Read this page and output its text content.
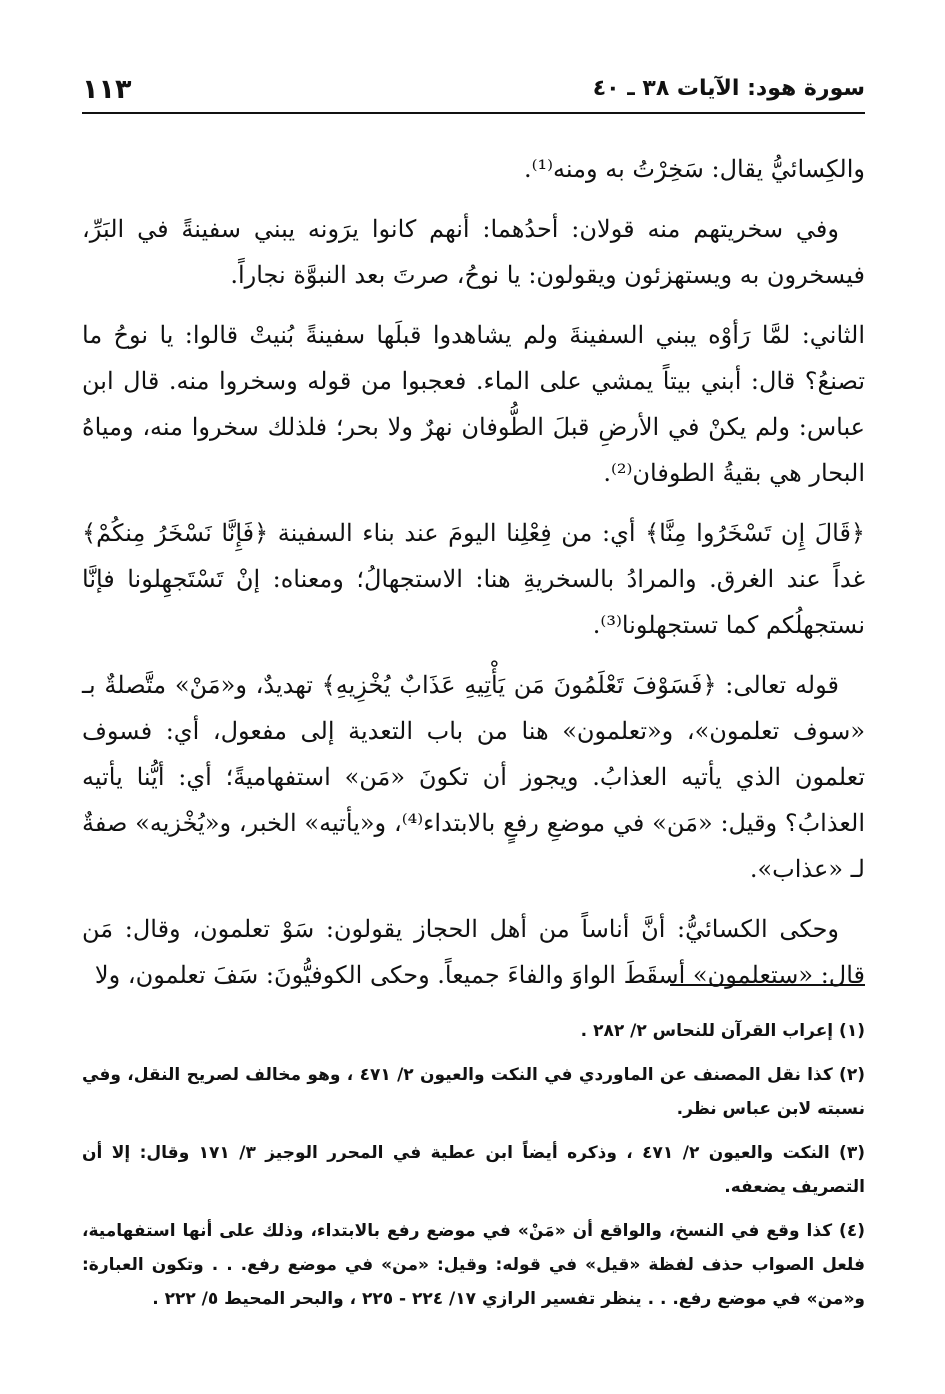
سورة هود: الآيات ٣٨ ـ ٤٠
١١٣

والكِسائيُّ يقال: سَخِرْتُ به ومنه⁽¹⁾.

وفي سخريتهم منه قولان: أحدُهما: أنهم كانوا يرَونه يبني سفينةً في البَرِّ، فيسخرون به ويستهزئون ويقولون: يا نوحُ، صرتَ بعد النبوَّة نجاراً.

الثاني: لمَّا رَأوْه يبني السفينةَ ولم يشاهدوا قبلَها سفينةً بُنيتْ قالوا: يا نوحُ ما تصنعُ؟ قال: أبني بيتاً يمشي على الماء. فعجبوا من قوله وسخروا منه. قال ابن عباس: ولم يكنْ في الأرضِ قبلَ الطُّوفان نهرٌ ولا بحر؛ فلذلك سخروا منه، ومياهُ البحار هي بقيةُ الطوفان⁽²⁾.

﴿قَالَ إِن تَسْخَرُوا مِنَّا﴾ أي: من فِعْلِنا اليومَ عند بناء السفينة ﴿فَإِنَّا نَسْخَرُ مِنكُمْ﴾ غداً عند الغرق. والمرادُ بالسخريةِ هنا: الاستجهالُ؛ ومعناه: إنْ تَسْتَجهِلونا فإنَّا نستجهلُكم كما تستجهلونا⁽³⁾.

قوله تعالى: ﴿فَسَوْفَ تَعْلَمُونَ مَن يَأْتِيهِ عَذَابٌ يُخْزِيهِ﴾ تهديدٌ، و«مَنْ» متَّصلةٌ بـ «سوف تعلمون»، و«تعلمون» هنا من باب التعدية إلى مفعول، أي: فسوف تعلمون الذي يأتيه العذابُ. ويجوز أن تكونَ «مَن» استفهاميةً؛ أي: أيُّنا يأتيه العذابُ؟ وقيل: «مَن» في موضعِ رفعٍ بالابتداء⁽⁴⁾، و«يأتيه» الخبر، و«يُخْزيه» صفةٌ لـ «عذاب».

وحكى الكسائيُّ: أنَّ أناساً من أهل الحجاز يقولون: سَوْ تعلمون، وقال: مَن قال: «ستعلمون» أسقَطَ الواوَ والفاءَ جميعاً. وحكى الكوفيُّونَ: سَفَ تعلمون، ولا

(١) إعراب القرآن للنحاس ٢/ ٢٨٢ .

(٢) كذا نقل المصنف عن الماوردي في النكت والعيون ٢/ ٤٧١ ، وهو مخالف لصريح النقل، وفي نسبته لابن عباس نظر.

(٣) النكت والعيون ٢/ ٤٧١ ، وذكره أيضاً ابن عطية في المحرر الوجيز ٣/ ١٧١ وقال: إلا أن التصريف يضعفه.

(٤) كذا وقع في النسخ، والواقع أن «مَنْ» في موضع رفع بالابتداء، وذلك على أنها استفهامية، فلعل الصواب حذف لفظة «قيل» في قوله: وقيل: «من» في موضع رفع. . . وتكون العبارة: و«من» في موضع رفع. . . ينظر تفسير الرازي ١٧/ ٢٢٤ - ٢٢٥ ، والبحر المحيط ٥/ ٢٢٢ .
